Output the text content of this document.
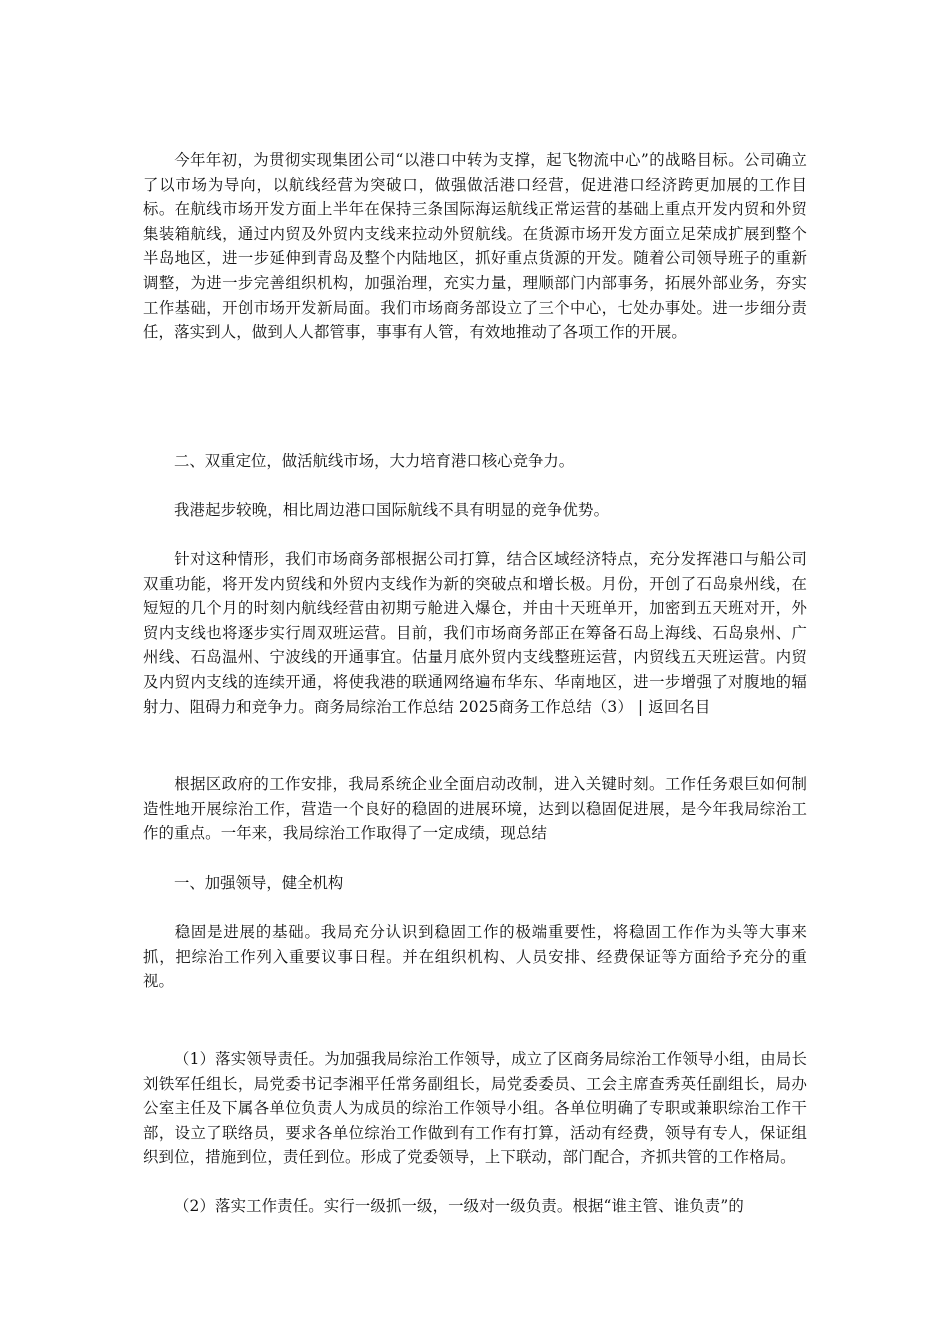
今年年初，为贯彻实现集团公司“以港口中转为支撑，起飞物流中心”的战略目标。公司确立了以市场为导向，以航线经营为突破口，做强做活港口经营，促进港口经济跨更加展的工作目标。在航线市场开发方面上半年在保持三条国际海运航线正常运营的基础上重点开发内贸和外贸集装箱航线，通过内贸及外贸内支线来拉动外贸航线。在货源市场开发方面立足荣成扩展到整个半岛地区，进一步延伸到青岛及整个内陆地区，抓好重点货源的开发。随着公司领导班子的重新调整，为进一步完善组织机构，加强治理，充实力量，理顺部门内部事务，拓展外部业务，夯实工作基础，开创市场开发新局面。我们市场商务部设立了三个中心，七处办事处。进一步细分责任，落实到人，做到人人都管事，事事有人管，有效地推动了各项工作的开展。

二、双重定位，做活航线市场，大力培育港口核心竞争力。

我港起步较晚，相比周边港口国际航线不具有明显的竞争优势。

针对这种情形，我们市场商务部根据公司打算，结合区域经济特点，充分发挥港口与船公司双重功能，将开发内贸线和外贸内支线作为新的突破点和增长极。月份，开创了石岛泉州线，在短短的几个月的时刻内航线经营由初期亏舱进入爆仓，并由十天班单开，加密到五天班对开，外贸内支线也将逐步实行周双班运营。目前，我们市场商务部正在筹备石岛上海线、石岛泉州、广州线、石岛温州、宁波线的开通事宜。估量月底外贸内支线整班运营，内贸线五天班运营。内贸及内贸内支线的连续开通，将使我港的联通网络遍布华东、华南地区，进一步增强了对腹地的辐射力、阻碍力和竞争力。商务局综治工作总结 2025商务工作总结（3） | 返回名目

根据区政府的工作安排，我局系统企业全面启动改制，进入关键时刻。工作任务艰巨如何制造性地开展综治工作，营造一个良好的稳固的进展环境，达到以稳固促进展，是今年我局综治工作的重点。一年来，我局综治工作取得了一定成绩，现总结

一、加强领导，健全机构

稳固是进展的基础。我局充分认识到稳固工作的极端重要性，将稳固工作作为头等大事来抓，把综治工作列入重要议事日程。并在组织机构、人员安排、经费保证等方面给予充分的重视。

（1）落实领导责任。为加强我局综治工作领导，成立了区商务局综治工作领导小组，由局长刘铁军任组长，局党委书记李湘平任常务副组长，局党委委员、工会主席查秀英任副组长，局办公室主任及下属各单位负责人为成员的综治工作领导小组。各单位明确了专职或兼职综治工作干部，设立了联络员，要求各单位综治工作做到有工作有打算，活动有经费，领导有专人，保证组织到位，措施到位，责任到位。形成了党委领导，上下联动，部门配合，齐抓共管的工作格局。

（2）落实工作责任。实行一级抓一级，一级对一级负责。根据“谁主管、谁负责”的
